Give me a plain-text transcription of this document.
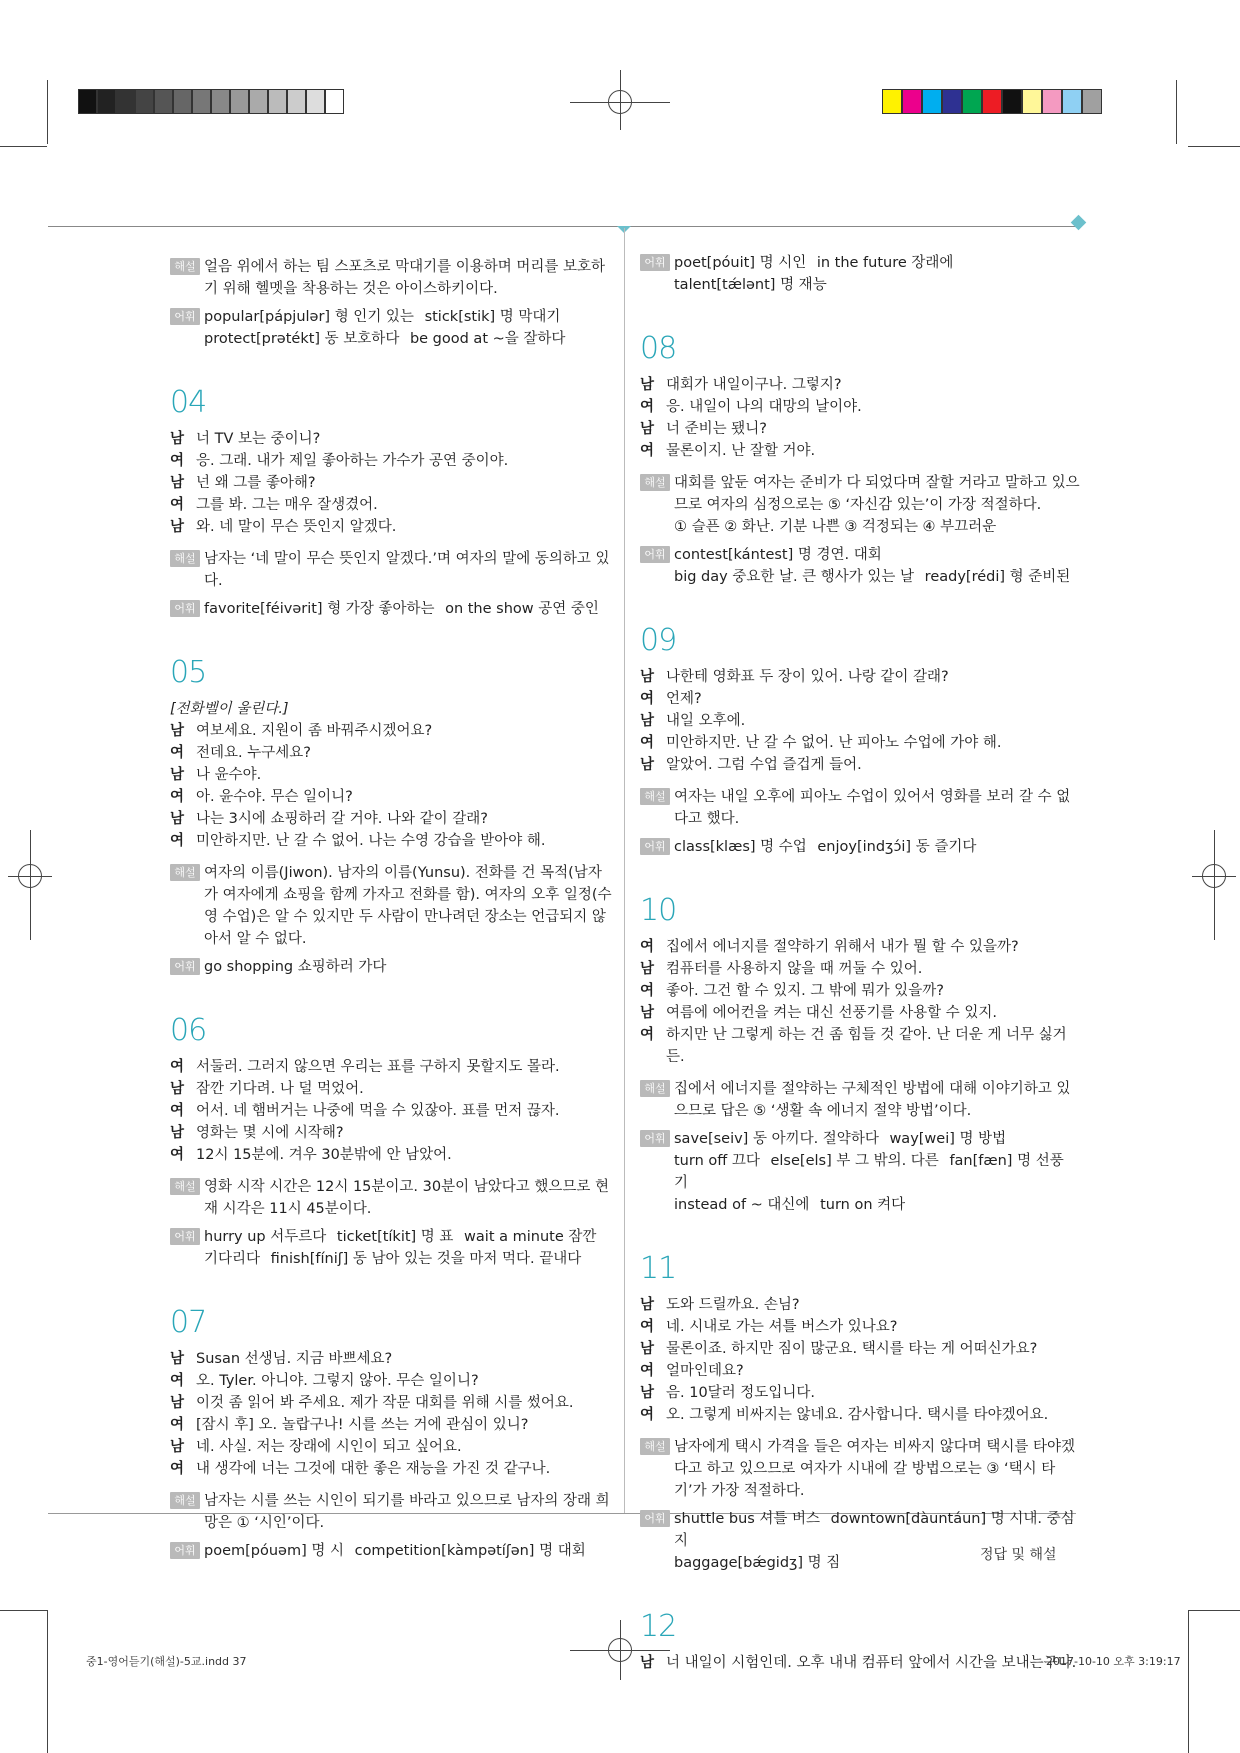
해설 얼음 위에서 하는 팀 스포츠로 막대기를 이용하며 머리를 보호하기 위해 헬멧을 착용하는 것은 아이스하키이다.
어휘 popular[pápjulər] 형 인기 있는 stick[stik] 명 막대기
protect[prətékt] 동 보호하다 be good at ~을 잘하다
04
남 너 TV 보는 중이니?
여 응. 그래. 내가 제일 좋아하는 가수가 공연 중이야.
남 넌 왜 그를 좋아해?
여 그를 봐. 그는 매우 잘생겼어.
남 와. 네 말이 무슨 뜻인지 알겠다.
해설 남자는 ‘네 말이 무슨 뜻인지 알겠다.’며 여자의 말에 동의하고 있다.
어휘 favorite[féivərit] 형 가장 좋아하는 on the show 공연 중인
05
[전화벨이 울린다.]
남 여보세요. 지원이 좀 바꿔주시겠어요?
여 전데요. 누구세요?
남 나 윤수야.
여 아. 윤수야. 무슨 일이니?
남 나는 3시에 쇼핑하러 갈 거야. 나와 같이 갈래?
여 미안하지만. 난 갈 수 없어. 나는 수영 강습을 받아야 해.
해설 여자의 이름(Jiwon). 남자의 이름(Yunsu). 전화를 건 목적(남자가 여자에게 쇼핑을 함께 가자고 전화를 함). 여자의 오후 일정(수영 수업)은 알 수 있지만 두 사람이 만나려던 장소는 언급되지 않아서 알 수 없다.
어휘 go shopping 쇼핑하러 가다
06
여 서둘러. 그러지 않으면 우리는 표를 구하지 못할지도 몰라.
남 잠깐 기다려. 나 덜 먹었어.
여 어서. 네 햄버거는 나중에 먹을 수 있잖아. 표를 먼저 끊자.
남 영화는 몇 시에 시작해?
여 12시 15분에. 겨우 30분밖에 안 남았어.
해설 영화 시작 시간은 12시 15분이고. 30분이 남았다고 했으므로 현재 시각은 11시 45분이다.
어휘 hurry up 서두르다 ticket[tíkit] 명 표 wait a minute 잠깐 기다리다 finish[fíniʃ] 동 남아 있는 것을 마저 먹다. 끝내다
07
남 Susan 선생님. 지금 바쁘세요?
여 오. Tyler. 아니야. 그렇지 않아. 무슨 일이니?
남 이것 좀 읽어 봐 주세요. 제가 작문 대회를 위해 시를 썼어요.
여 [잠시 후] 오. 놀랍구나! 시를 쓰는 거에 관심이 있니?
남 네. 사실. 저는 장래에 시인이 되고 싶어요.
여 내 생각에 너는 그것에 대한 좋은 재능을 가진 것 같구나.
해설 남자는 시를 쓰는 시인이 되기를 바라고 있으므로 남자의 장래 희망은 ① ‘시인’이다.
어휘 poem[póuəm] 명 시 competition[kàmpətíʃən] 명 대회
어휘 poet[póuit] 명 시인 in the future 장래에
talent[tǽlənt] 명 재능
08
남 대회가 내일이구나. 그렇지?
여 응. 내일이 나의 대망의 날이야.
남 너 준비는 됐니?
여 물론이지. 난 잘할 거야.
해설 대회를 앞둔 여자는 준비가 다 되었다며 잘할 거라고 말하고 있으므로 여자의 심정으로는 ⑤ ‘자신감 있는’이 가장 적절하다.
① 슬픈 ② 화난. 기분 나쁜 ③ 걱정되는 ④ 부끄러운
어휘 contest[kántest] 명 경연. 대회
big day 중요한 날. 큰 행사가 있는 날 ready[rédi] 형 준비된
09
남 나한테 영화표 두 장이 있어. 나랑 같이 갈래?
여 언제?
남 내일 오후에.
여 미안하지만. 난 갈 수 없어. 난 피아노 수업에 가야 해.
남 알았어. 그럼 수업 즐겁게 들어.
해설 여자는 내일 오후에 피아노 수업이 있어서 영화를 보러 갈 수 없다고 했다.
어휘 class[klæs] 명 수업 enjoy[indʒɔ́i] 동 즐기다
10
여 집에서 에너지를 절약하기 위해서 내가 뭘 할 수 있을까?
남 컴퓨터를 사용하지 않을 때 꺼둘 수 있어.
여 좋아. 그건 할 수 있지. 그 밖에 뭐가 있을까?
남 여름에 에어컨을 켜는 대신 선풍기를 사용할 수 있지.
여 하지만 난 그렇게 하는 건 좀 힘들 것 같아. 난 더운 게 너무 싫거든.
해설 집에서 에너지를 절약하는 구체적인 방법에 대해 이야기하고 있으므로 답은 ⑤ ‘생활 속 에너지 절약 방법’이다.
어휘 save[seiv] 동 아끼다. 절약하다 way[wei] 명 방법
turn off 끄다 else[els] 부 그 밖의. 다른 fan[fæn] 명 선풍기
instead of ~ 대신에 turn on 켜다
11
남 도와 드릴까요. 손님?
여 네. 시내로 가는 셔틀 버스가 있나요?
남 물론이죠. 하지만 짐이 많군요. 택시를 타는 게 어떠신가요?
여 얼마인데요?
남 음. 10달러 정도입니다.
여 오. 그렇게 비싸지는 않네요. 감사합니다. 택시를 타야겠어요.
해설 남자에게 택시 가격을 들은 여자는 비싸지 않다며 택시를 타야겠다고 하고 있으므로 여자가 시내에 갈 방법으로는 ③ ‘택시 타기’가 가장 적절하다.
어휘 shuttle bus 셔틀 버스 downtown[dàuntáun] 명 시내. 중심지
baggage[bǽgidʒ] 명 짐
12
남 너 내일이 시험인데. 오후 내내 컴퓨터 앞에서 시간을 보내는구나.
정답 및 해설
중1-영어듣기(해설)-5교.indd 37	2017-10-10 오후 3:19:17
